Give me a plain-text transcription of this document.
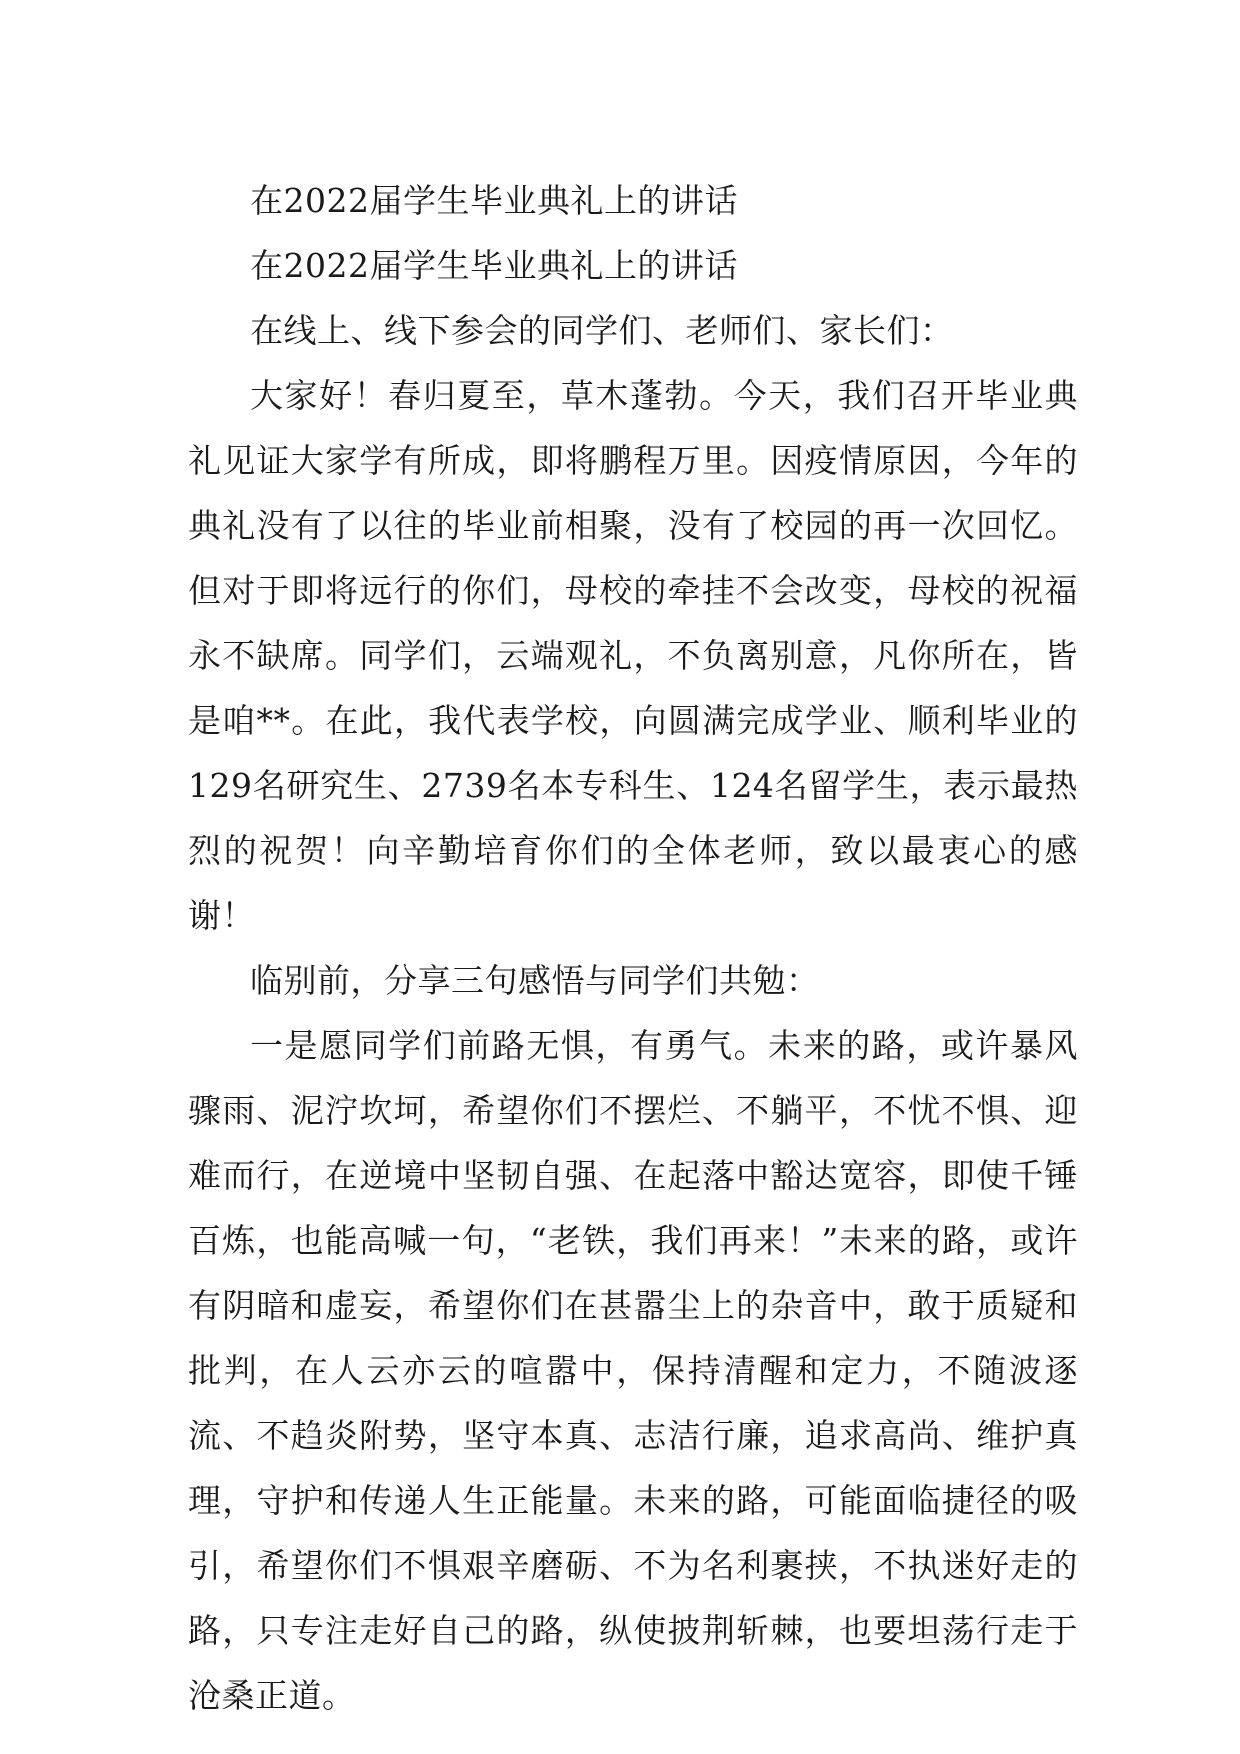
在2022届学生毕业典礼上的讲话

在2022届学生毕业典礼上的讲话

在线上、线下参会的同学们、老师们、家长们：

大家好！春归夏至，草木蓬勃。今天，我们召开毕业典礼见证大家学有所成，即将鹏程万里。因疫情原因，今年的典礼没有了以往的毕业前相聚，没有了校园的再一次回忆。但对于即将远行的你们，母校的牵挂不会改变，母校的祝福永不缺席。同学们，云端观礼，不负离别意，凡你所在，皆是咱**。在此，我代表学校，向圆满完成学业、顺利毕业的129名研究生、2739名本专科生、124名留学生，表示最热烈的祝贺！向辛勤培育你们的全体老师，致以最衷心的感谢！

临别前，分享三句感悟与同学们共勉：

一是愿同学们前路无惧，有勇气。未来的路，或许暴风骤雨、泥泞坎坷，希望你们不摆烂、不躺平，不忧不惧、迎难而行，在逆境中坚韧自强、在起落中豁达宽容，即使千锤百炼，也能高喊一句，“老铁，我们再来！”未来的路，或许有阴暗和虚妄，希望你们在甚嚣尘上的杂音中，敢于质疑和批判，在人云亦云的喧嚣中，保持清醒和定力，不随波逐流、不趋炎附势，坚守本真、志洁行廉，追求高尚、维护真理，守护和传递人生正能量。未来的路，可能面临捷径的吸引，希望你们不惧艰辛磨砺、不为名利裹挟，不执迷好走的路，只专注走好自己的路，纵使披荆斩棘，也要坦荡行走于沧桑正道。
